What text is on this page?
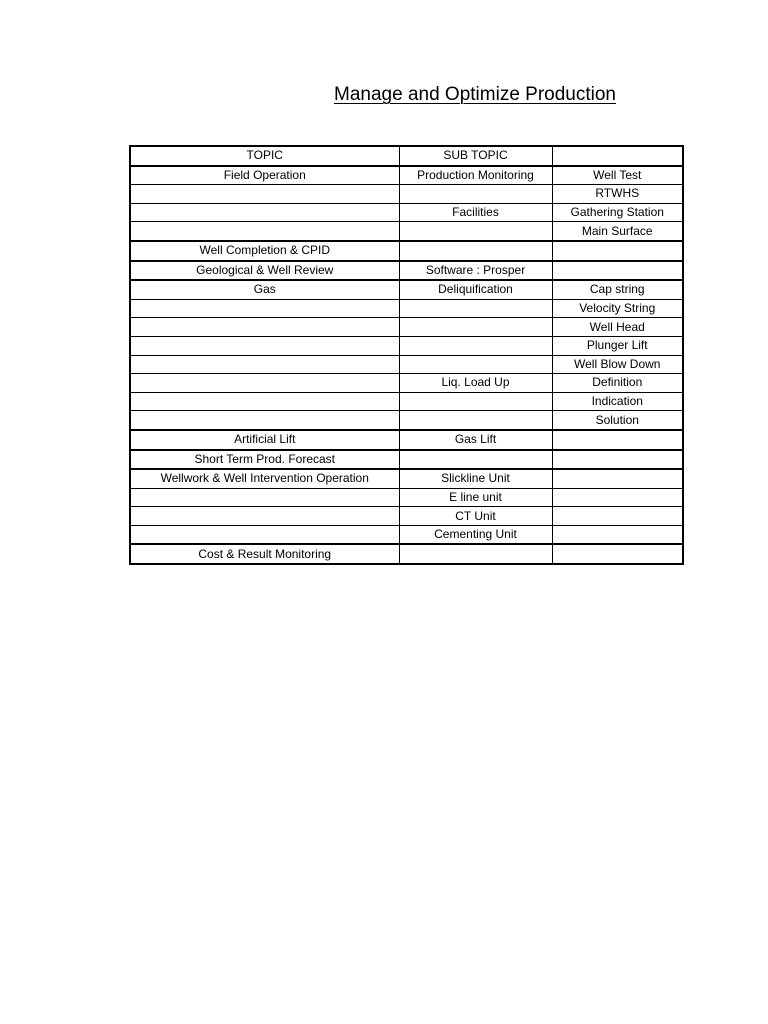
Manage and Optimize Production
TOPIC	SUB TOPIC	
Field Operation	Production Monitoring	Well Test
		RTWHS
	Facilities	Gathering Station
		Main Surface
Well Completion & CPID		
Geological & Well Review	Software : Prosper	
Gas	Deliquification	Cap string
		Velocity String
		Well Head
		Plunger Lift
		Well Blow Down
	Liq. Load Up	Definition
		Indication
		Solution
Artificial Lift	Gas Lift	
Short Term Prod. Forecast		
Wellwork & Well Intervention Operation	Slickline Unit	
	E line unit	
	CT Unit	
	Cementing Unit	
Cost & Result Monitoring		
